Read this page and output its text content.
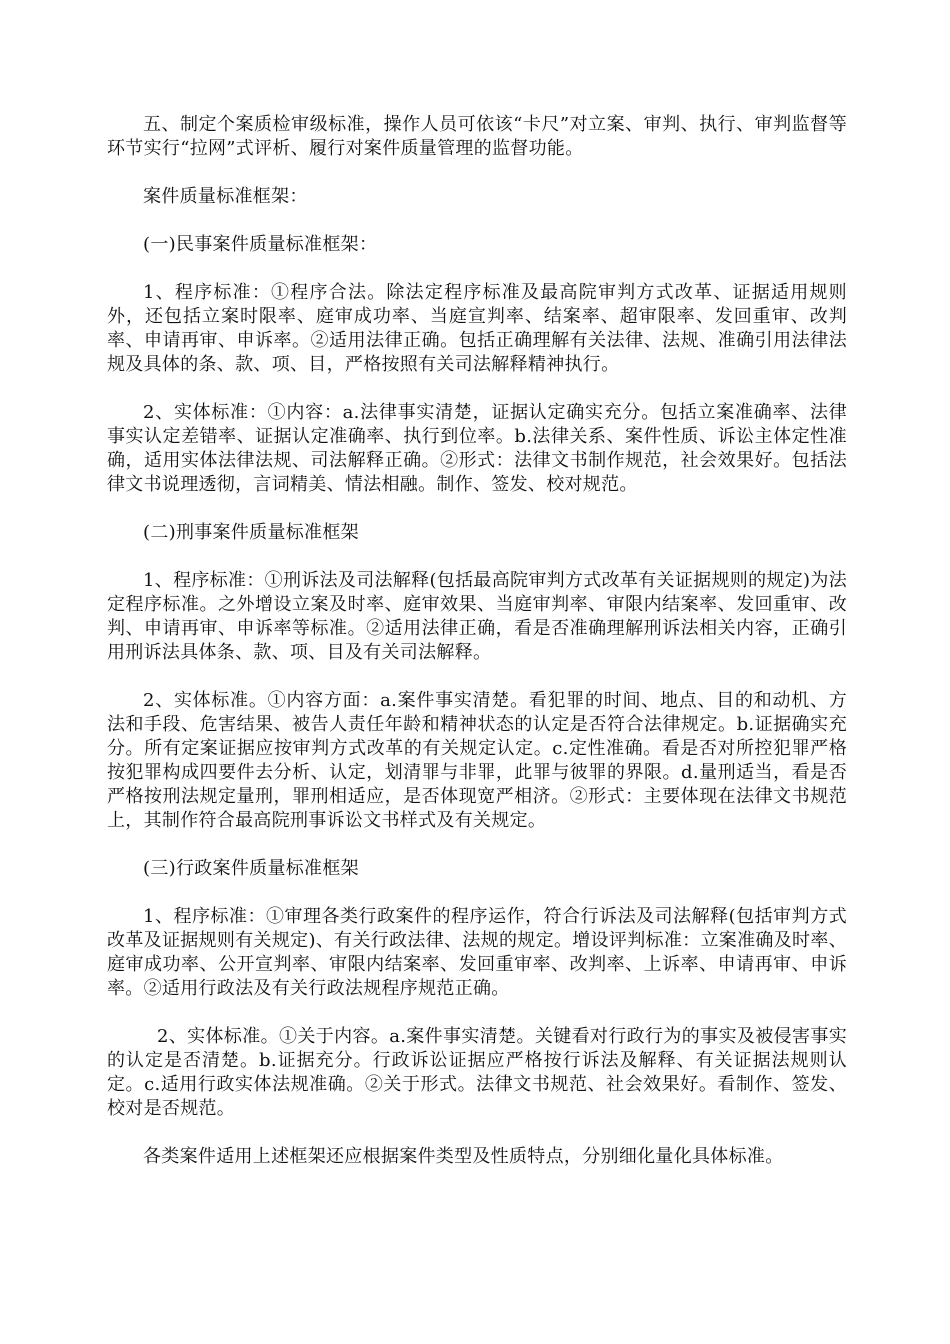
五、制定个案质检审级标准，操作人员可依该“卡尺”对立案、审判、执行、审判监督等环节实行“拉网”式评析、履行对案件质量管理的监督功能。

案件质量标准框架：

(一)民事案件质量标准框架：

1、程序标准：①程序合法。除法定程序标准及最高院审判方式改革、证据适用规则外，还包括立案时限率、庭审成功率、当庭宣判率、结案率、超审限率、发回重审、改判率、申请再审、申诉率。②适用法律正确。包括正确理解有关法律、法规、准确引用法律法规及具体的条、款、项、目，严格按照有关司法解释精神执行。

2、实体标准：①内容：a.法律事实清楚，证据认定确实充分。包括立案准确率、法律事实认定差错率、证据认定准确率、执行到位率。b.法律关系、案件性质、诉讼主体定性准确，适用实体法律法规、司法解释正确。②形式：法律文书制作规范，社会效果好。包括法律文书说理透彻，言词精美、情法相融。制作、签发、校对规范。

(二)刑事案件质量标准框架

1、程序标准：①刑诉法及司法解释(包括最高院审判方式改革有关证据规则的规定)为法定程序标准。之外增设立案及时率、庭审效果、当庭审判率、审限内结案率、发回重审、改判、申请再审、申诉率等标准。②适用法律正确，看是否准确理解刑诉法相关内容，正确引用刑诉法具体条、款、项、目及有关司法解释。

2、实体标准。①内容方面：a.案件事实清楚。看犯罪的时间、地点、目的和动机、方法和手段、危害结果、被告人责任年龄和精神状态的认定是否符合法律规定。b.证据确实充分。所有定案证据应按审判方式改革的有关规定认定。c.定性准确。看是否对所控犯罪严格按犯罪构成四要件去分析、认定，划清罪与非罪，此罪与彼罪的界限。d.量刑适当，看是否严格按刑法规定量刑，罪刑相适应，是否体现宽严相济。②形式：主要体现在法律文书规范上，其制作符合最高院刑事诉讼文书样式及有关规定。

(三)行政案件质量标准框架

1、程序标准：①审理各类行政案件的程序运作，符合行诉法及司法解释(包括审判方式改革及证据规则有关规定)、有关行政法律、法规的规定。增设评判标准：立案准确及时率、庭审成功率、公开宣判率、审限内结案率、发回重审率、改判率、上诉率、申请再审、申诉率。②适用行政法及有关行政法规程序规范正确。

2、实体标准。①关于内容。a.案件事实清楚。关键看对行政行为的事实及被侵害事实的认定是否清楚。b.证据充分。行政诉讼证据应严格按行诉法及解释、有关证据法规则认定。c.适用行政实体法规准确。②关于形式。法律文书规范、社会效果好。看制作、签发、校对是否规范。

各类案件适用上述框架还应根据案件类型及性质特点，分别细化量化具体标准。
